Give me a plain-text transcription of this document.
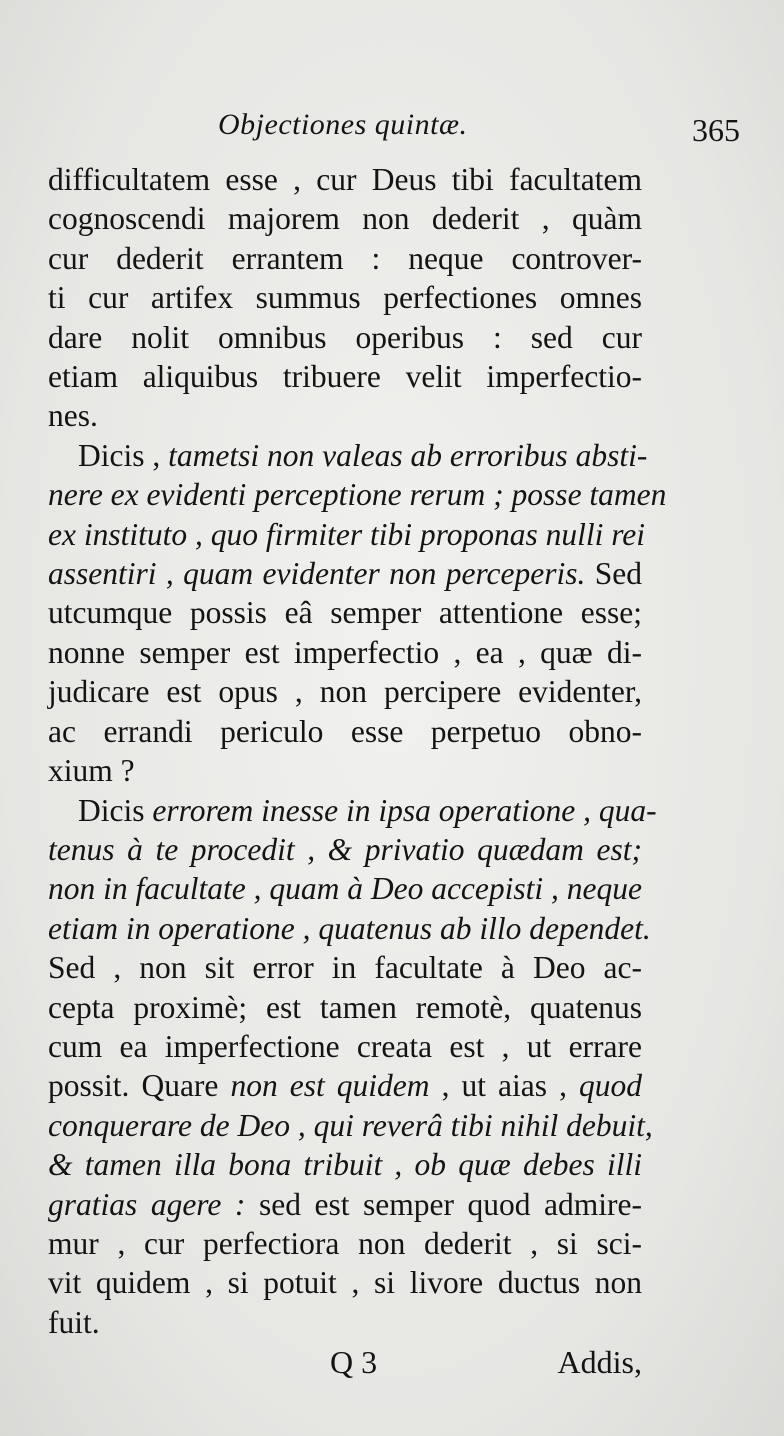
Objectiones quintæ.	365
difficultatem esse , cur Deus tibi facultatem
cognoscendi majorem non dederit , quàm
cur dederit errantem : neque controver-
ti cur artifex summus perfectiones omnes
dare nolit omnibus operibus : sed cur
etiam aliquibus tribuere velit imperfectio-
nes.
Dicis , tametsi non valeas ab erroribus absti-
nere ex evidenti perceptione rerum ; posse tamen
ex instituto , quo firmiter tibi proponas nulli rei
assentiri , quam evidenter non perceperis. Sed
utcumque possis eâ semper attentione esse;
nonne semper est imperfectio , ea , quæ di-
judicare est opus , non percipere evidenter,
ac errandi periculo esse perpetuo obno-
xium ?
Dicis errorem inesse in ipsa operatione , qua-
tenus à te procedit , & privatio quædam est;
non in facultate , quam à Deo accepisti , neque
etiam in operatione , quatenus ab illo dependet.
Sed , non sit error in facultate à Deo ac-
cepta proximè; est tamen remotè, quatenus
cum ea imperfectione creata est , ut errare
possit. Quare non est quidem , ut aias , quod
conquerare de Deo , qui reverâ tibi nihil debuit,
& tamen illa bona tribuit , ob quæ debes illi
gratias agere : sed est semper quod admire-
mur , cur perfectiora non dederit , si sci-
vit quidem , si potuit , si livore ductus non
fuit.
Q 3	Addis,
